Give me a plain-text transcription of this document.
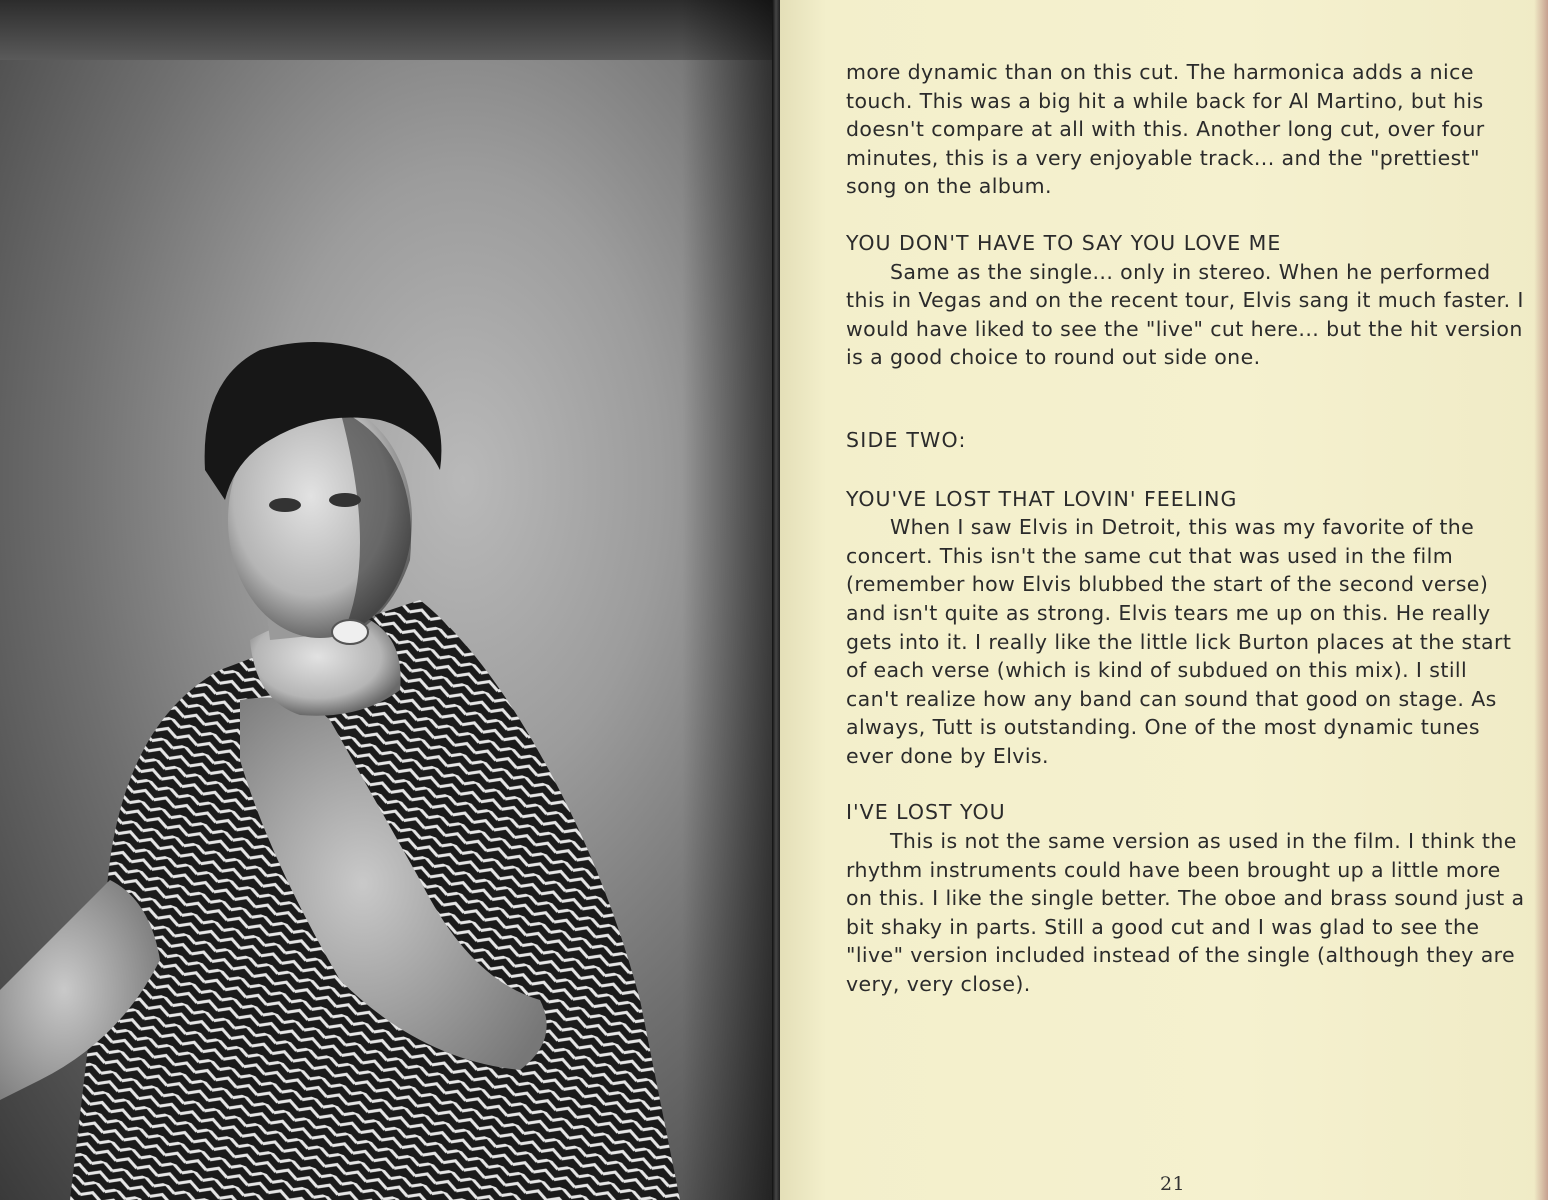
more dynamic than on this cut. The harmonica adds a nice touch. This was a big hit a while back for Al Martino, but his doesn't compare at all with this. Another long cut, over four minutes, this is a very enjoyable track... and the "prettiest" song on the album.

YOU DON'T HAVE TO SAY YOU LOVE ME

Same as the single... only in stereo. When he performed this in Vegas and on the recent tour, Elvis sang it much faster. I would have liked to see the "live" cut here... but the hit version is a good choice to round out side one.

SIDE TWO:

YOU'VE LOST THAT LOVIN' FEELING

When I saw Elvis in Detroit, this was my favorite of the concert. This isn't the same cut that was used in the film (remember how Elvis blubbed the start of the second verse) and isn't quite as strong. Elvis tears me up on this. He really gets into it. I really like the little lick Burton places at the start of each verse (which is kind of subdued on this mix). I still can't realize how any band can sound that good on stage. As always, Tutt is outstanding. One of the most dynamic tunes ever done by Elvis.

I'VE LOST YOU

This is not the same version as used in the film. I think the rhythm instruments could have been brought up a little more on this. I like the single better. The oboe and brass sound just a bit shaky in parts. Still a good cut and I was glad to see the "live" version included instead of the single (although they are very, very close).

21
